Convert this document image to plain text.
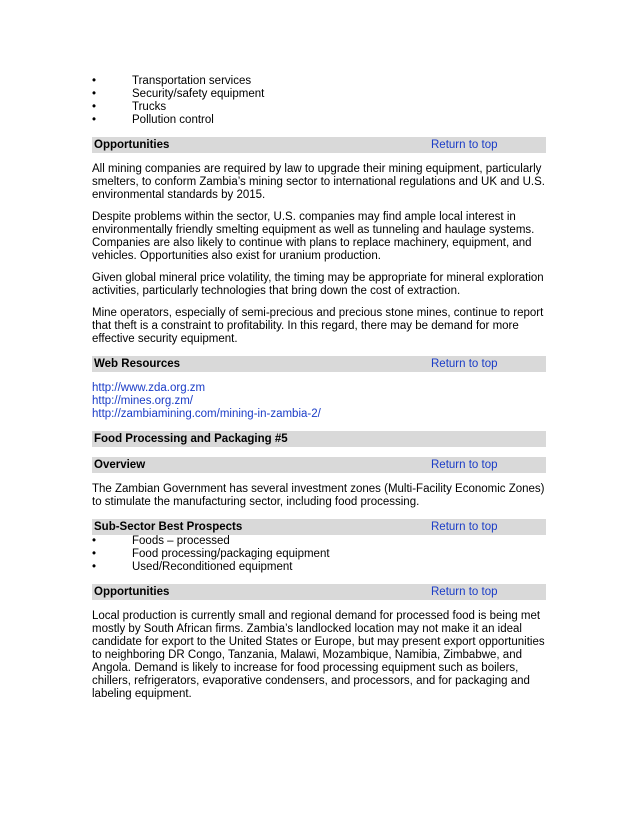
•	Transportation services
•	Security/safety equipment
•	Trucks
•	Pollution control
Opportunities	Return to top

All mining companies are required by law to upgrade their mining equipment, particularly smelters, to conform Zambia’s mining sector to international regulations and UK and U.S. environmental standards by 2015.

Despite problems within the sector, U.S. companies may find ample local interest in environmentally friendly smelting equipment as well as tunneling and haulage systems. Companies are also likely to continue with plans to replace machinery, equipment, and vehicles. Opportunities also exist for uranium production.

Given global mineral price volatility, the timing may be appropriate for mineral exploration activities, particularly technologies that bring down the cost of extraction.

Mine operators, especially of semi-precious and precious stone mines, continue to report that theft is a constraint to profitability. In this regard, there may be demand for more effective security equipment.

Web Resources	Return to top
http://www.zda.org.zm
http://mines.org.zm/
http://zambiamining.com/mining-in-zambia-2/
Food Processing and Packaging #5
Overview	Return to top

The Zambian Government has several investment zones (Multi-Facility Economic Zones) to stimulate the manufacturing sector, including food processing.

Sub-Sector Best Prospects	Return to top
•	Foods – processed
•	Food processing/packaging equipment
•	Used/Reconditioned equipment
Opportunities	Return to top

Local production is currently small and regional demand for processed food is being met mostly by South African firms. Zambia’s landlocked location may not make it an ideal candidate for export to the United States or Europe, but may present export opportunities to neighboring DR Congo, Tanzania, Malawi, Mozambique, Namibia, Zimbabwe, and Angola. Demand is likely to increase for food processing equipment such as boilers, chillers, refrigerators, evaporative condensers, and processors, and for packaging and labeling equipment.
